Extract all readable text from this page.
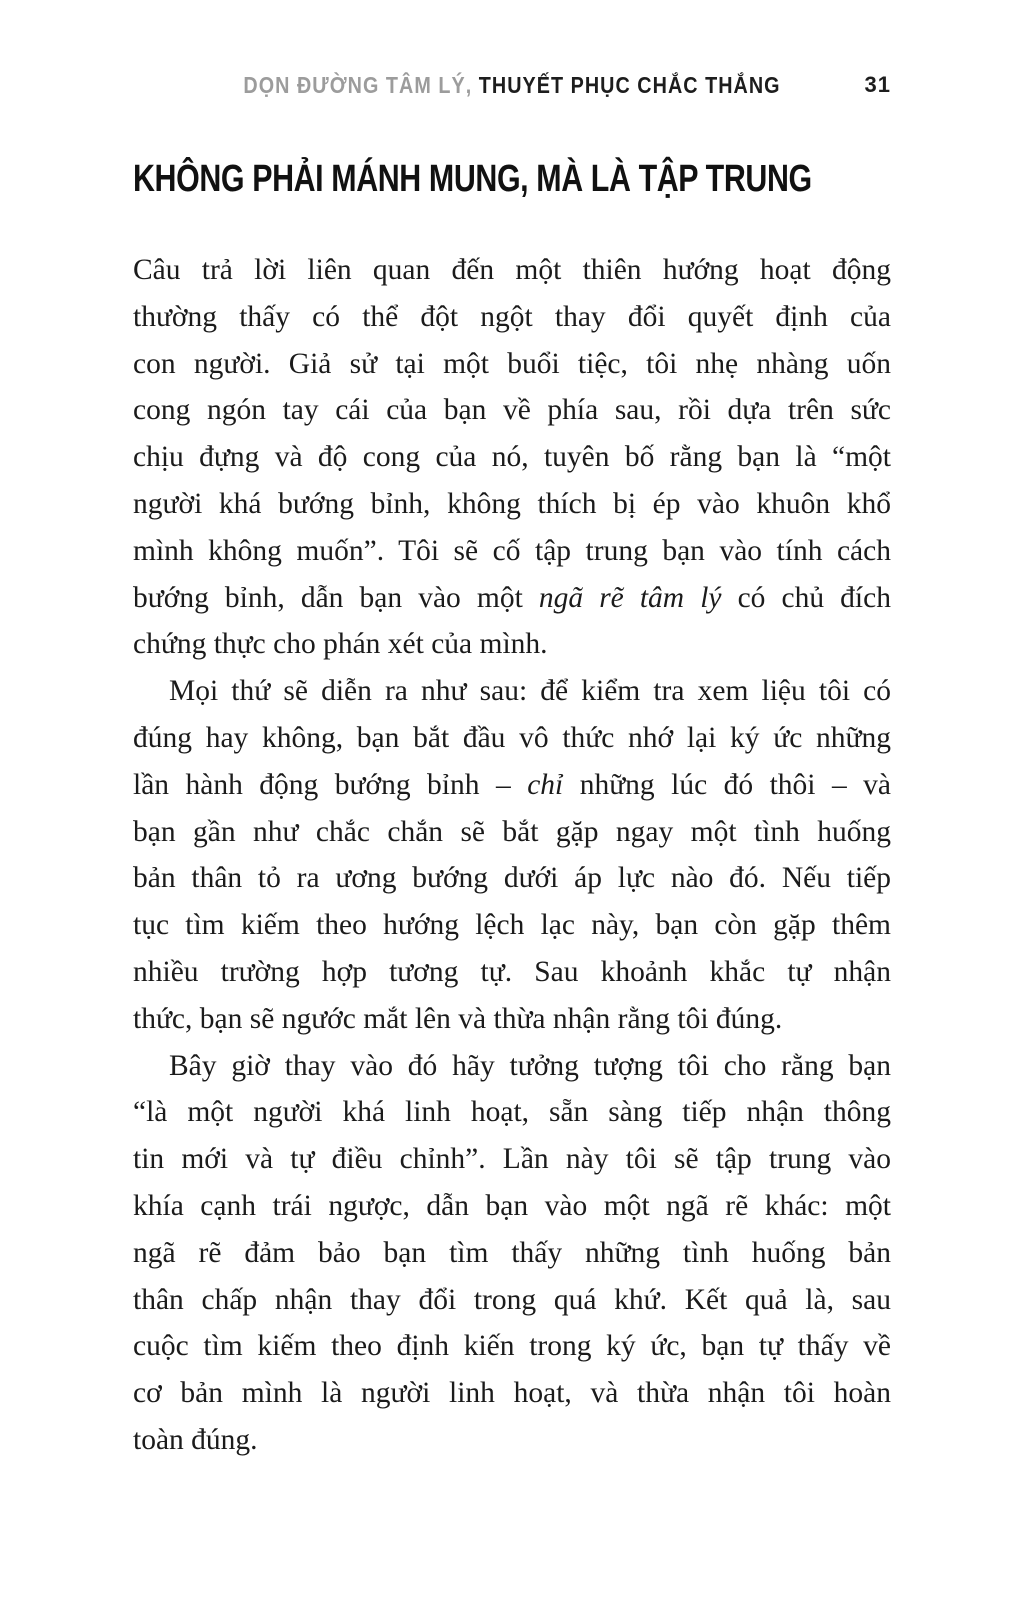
DỌN ĐƯỜNG TÂM LÝ, THUYẾT PHỤC CHẮC THẮNG	31
KHÔNG PHẢI MÁNH MUNG, MÀ LÀ TẬP TRUNG
Câu trả lời liên quan đến một thiên hướng hoạt động
thường thấy có thể đột ngột thay đổi quyết định của
con người. Giả sử tại một buổi tiệc, tôi nhẹ nhàng uốn
cong ngón tay cái của bạn về phía sau, rồi dựa trên sức
chịu đựng và độ cong của nó, tuyên bố rằng bạn là “một
người khá bướng bỉnh, không thích bị ép vào khuôn khổ
mình không muốn”. Tôi sẽ cố tập trung bạn vào tính cách
bướng bỉnh, dẫn bạn vào một ngã rẽ tâm lý có chủ đích
chứng thực cho phán xét của mình.
Mọi thứ sẽ diễn ra như sau: để kiểm tra xem liệu tôi có
đúng hay không, bạn bắt đầu vô thức nhớ lại ký ức những
lần hành động bướng bỉnh – chỉ những lúc đó thôi – và
bạn gần như chắc chắn sẽ bắt gặp ngay một tình huống
bản thân tỏ ra ương bướng dưới áp lực nào đó. Nếu tiếp
tục tìm kiếm theo hướng lệch lạc này, bạn còn gặp thêm
nhiều trường hợp tương tự. Sau khoảnh khắc tự nhận
thức, bạn sẽ ngước mắt lên và thừa nhận rằng tôi đúng.
Bây giờ thay vào đó hãy tưởng tượng tôi cho rằng bạn
“là một người khá linh hoạt, sẵn sàng tiếp nhận thông
tin mới và tự điều chỉnh”. Lần này tôi sẽ tập trung vào
khía cạnh trái ngược, dẫn bạn vào một ngã rẽ khác: một
ngã rẽ đảm bảo bạn tìm thấy những tình huống bản
thân chấp nhận thay đổi trong quá khứ. Kết quả là, sau
cuộc tìm kiếm theo định kiến trong ký ức, bạn tự thấy về
cơ bản mình là người linh hoạt, và thừa nhận tôi hoàn
toàn đúng.
